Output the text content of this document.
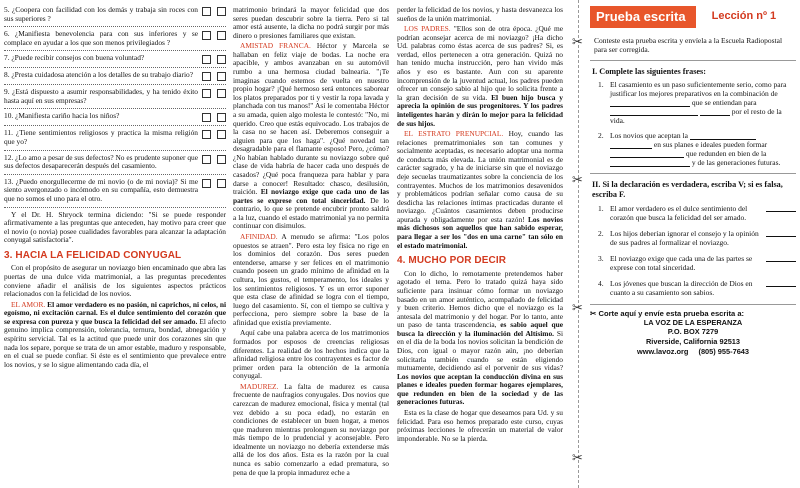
5. ¿Coopera con facilidad con los demás y trabaja sin roces con sus superiores ?
6. ¿Manifiesta benevolencia para con sus inferiores y se complace en ayudar a los que son menos privilegiados ?
7. ¿Puede recibir consejos con buena voluntad?
8. ¿Presta cuidadosa atención a los detalles de su trabajo diario?
9. ¿Está dispuesto a asumir responsabilidades, y ha tenido éxito hasta aquí en sus empresas?
10. ¿Manifiesta cariño hacia los niños?
11. ¿Tiene sentimientos religiosos y practica la misma religión que yo?
12. ¿Lo amo a pesar de sus defectos? No es prudente suponer que sus defectos desaparecerán después del casamiento.
13. ¿Puedo enorgullecerme de mi novio (o de mi novia)? Si me siento avergonzado o incómodo en su compañía, esto demuestra que no somos el uno para el otro.

Y el Dr. H. Shryock termina diciendo: "Si se puede responder afirmativamente a las preguntas que anteceden, hay motivo para creer que el novio (o novia) posee cualidades favorables para alcanzar la adaptación conyugal satisfactoria".

3. HACIA LA FELICIDAD CONYUGAL

Con el propósito de asegurar un noviazgo bien encaminado que abra las puertas de una dulce vida matrimonial, a las preguntas precedentes conviene añadir el análisis de los siguientes aspectos prácticos relacionados con la felicidad de los novios.

EL AMOR. El amor verdadero es no pasión, ni caprichos, ni celos, ni egoísmo, ni excitación carnal. Es el dulce sentimiento del corazón que se expresa con pureza y que busca la felicidad del ser amado. El afecto genuino implica comprensión, tolerancia, ternura, bondad, abnegación y espíritu servicial. Tal es la actitud que puede unir dos corazones sin que nada los separe, porque se trata de un amor estable, maduro y responsable, en el cual se puede confiar. Si éste es el sentimiento que prevalece entre los novios, y se lo sigue alimentando cada día, el

matrimonio brindará la mayor felicidad que dos seres puedan descubrir sobre la tierra. Pero si tal amor está ausente, la dicha no podrá surgir por más dinero o presiones familiares que existan.

AMISTAD FRANCA. Héctor y Marcela se hallaban en feliz viaje de bodas. La noche era apacible, y ambos avanzaban en su automóvil rumbo a una hermosa ciudad balnearia. "¡Te imaginas cuando estemos de vuelta en nuestro propio hogar? ¡Qué hermoso será entonces saborear los platos preparados por ti y vestir la ropa lavada y planchada con tus manos!" Así le comentaba Héctor a su amada, quien algo molesta le contestó: "No, mi querido. Creo que estás equivocado. Los trabajos de la casa no se hacen así. Deberemos conseguir a alguien para que los haga". ¿Qué novedad tan desagradable para el flamante esposo! Pero, ¿cómo? ¿No habían hablado durante su noviazgo sobre qué clase de vida habría de hacer cada uno después de casados? ¿Qué poca franqueza para hablar y para darse a conocer! Resultado: chasco, desilusión, traición. El noviazgo exige que cada uno de las partes se exprese con total sinceridad. De lo contrario, lo que se pretende encubrir pronto saldrá a la luz, cuando el estado matrimonial ya no permita continuar con disimulos.

AFINIDAD. A menudo se afirma: "Los polos opuestos se atraen". Pero esta ley física no rige en los dominios del corazón. Dos seres pueden entenderse, amarse y ser felices en el matrimonio cuando poseen un grado mínimo de afinidad en la cultura, los gustos, el temperamento, los ideales y los sentimientos religiosos. Y es un error suponer que esta clase de afinidad se logra con el tiempo, luego del casamiento. Sí, con el tiempo se cultiva y perfecciona, pero siempre sobre la base de la afinidad que existía previamente.

Aquí cabe una palabra acerca de los matrimonios formados por esposos de creencias religiosas diferentes. La realidad de los hechos indica que la afinidad religiosa entre los contrayentes es factor de primer orden para la obtención de la armonía conyugal.

MADUREZ. La falta de madurez es causa frecuente de naufragios conyugales. Dos novios que carezcan de madurez emocional, física y mental (tal vez debido a su poca edad), no estarán en condiciones de establecer un buen hogar, a menos que maduren mientras prolonguen su noviazgo por más tiempo de lo prudencial y aconsejable. Pero idealmente un noviazgo no debería extenderse más allá de los dos años. Esta es la razón por la cual nunca es sabio comenzarlo a edad prematura, so pena de que la propia inmadurez eche a

perder la felicidad de los novios, y hasta desvanezca los sueños de la unión matrimonial.

LOS PADRES. "Ellos son de otra época. ¿Qué me podrían aconsejar acerca de mi noviazgo? ¡Ha dicho Ud. palabras como éstas acerca de sus padres? Si, es verdad, ellos pertenecen a otra generación. Quizá no han tenido mucha instrucción, pero han vivido más años y eso es bastante. Aun con su aparente incomprensión de la juventud actual, los padres pueden ofrecer un consejo sabio al hijo que lo solicita frente a la gran decisión de su vida. El buen hijo busca y aprecia la opinión de sus progenitores. Y los padres inteligentes harán y dirán lo mejor para la felicidad de sus hijos.

EL ESTRATO PRENUPCIAL. Hoy, cuando las relaciones prematrimoniales son tan comunes y socialmente aceptadas, es necesario adoptar una norma de conducta más elevada. La unión matrimonial es de carácter sagrado, y ha de iniciarse sin que el noviazgo deje secuelas traumatizantes sobre la conciencia de los contrayentes. Muchos de los matrimonios desavenidos y problemáticos podrían señalar como causa de su desdicha las relaciones íntimas practicadas durante el noviazgo. ¿Cuántos casamientos deben producirse apurada y obligadamente por esta razón! Los novios más dichosos son aquellos que han sabido esperar, para llegar a ser los "dos en una carne" tan sólo en el estado matrimonial.

4. MUCHO POR DECIR

Con lo dicho, lo remotamente pretendemos haber agotado el tema. Pero lo tratado quizá haya sido suficiente para insinuar cómo formar un noviazgo basado en un amor auténtico, acompañado de felicidad y buen criterio. Hemos dicho que el noviazgo es la antesala del matrimonio y del hogar. Por lo tanto, ante un paso de tanta trascendencia, es sabio aquel que busca la dirección y la iluminación del Altísimo. Si en el día de la boda los novios solicitan la bendición de Dios, con igual o mayor razón aún, ¡no deberían solicitarla también cuando se están eligiendo mutuamente, decidiendo así el porvenir de sus vidas? Los novios que aceptan la conducción divina en sus planes e ideales pueden formar hogares ejemplares, que redunden en bien de la sociedad y de las generaciones futuras.

Esta es la clase de hogar que deseamos para Ud. y su felicidad. Para eso hemos preparado este curso, cuyas próximas lecciones le ofrecerán un material de valor imponderable. No se la pierda.

✂
✂
✂
✂
Prueba escrita	Lección nº 1
Conteste esta prueba escrita y envíela a la Escuela Radiopostal para ser corregida.
I. Complete las siguientes frases:
1. El casamiento es un paso suficientemente serio, como para justificar los mejores preparativos en la combinación de  que se entiendan para   por el resto de la vida.
2. Los novios que aceptan la   en sus planes e ideales pueden formar  que redunden en bien de la  y de las generaciones futuras.
II. Si la declaración es verdadera, escriba V; si es falsa, escriba F.
1. El amor verdadero es el dulce sentimiento del corazón que busca la felicidad del ser amado.
2. Los hijos deberían ignorar el consejo y la opinión de sus padres al formalizar el noviazgo.
3. El noviazgo exige que cada una de las partes se exprese con total sinceridad.
4. Los jóvenes que buscan la dirección de Dios en cuanto a su casamiento son sabios.
✂ Corte aquí y envíe esta prueba escrita a:
LA VOZ DE LA ESPERANZA
P.O. BOX 7279
Riverside, California 92513
www.lavoz.org (805) 955-7643
